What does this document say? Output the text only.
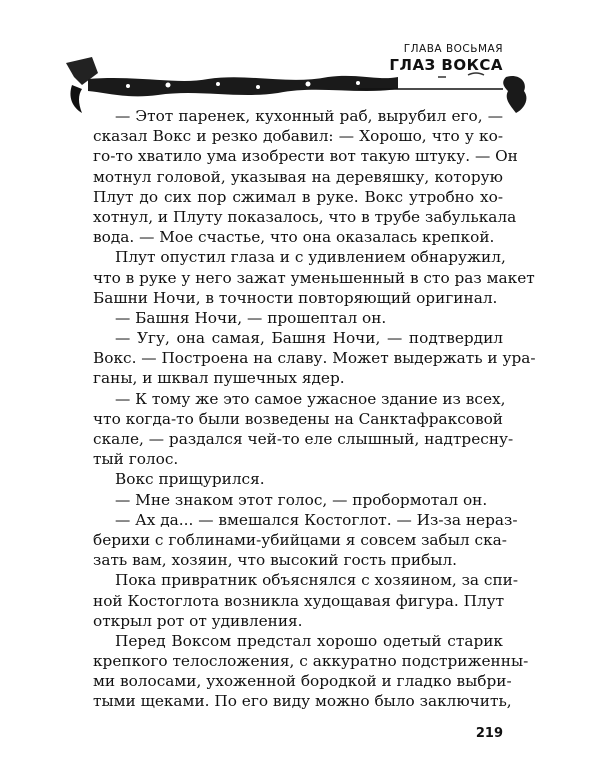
ГЛАВА ВОСЬМАЯ
ГЛАЗ ВОКСА
— Этот паренек, кухонный раб, вырубил его, —
сказал Вокс и резко добавил: — Хорошо, что у ко-
го-то хватило ума изобрести вот такую штуку. — Он
мотнул головой, указывая на деревяшку, которую
Плут до сих пор сжимал в руке. Вокс утробно хо-
хотнул, и Плуту показалось, что в трубе забулькала
вода. — Мое счастье, что она оказалась крепкой.
Плут опустил глаза и с удивлением обнаружил,
что в руке у него зажат уменьшенный в сто раз макет
Башни Ночи, в точности повторяющий оригинал.
— Башня Ночи, — прошептал он.
— Угу, она самая, Башня Ночи, — подтвердил
Вокс. — Построена на славу. Может выдержать и ура-
ганы, и шквал пушечных ядер.
— К тому же это самое ужасное здание из всех,
что когда-то были возведены на Санктафраксовой
скале, — раздался чей-то еле слышный, надтресну-
тый голос.
Вокс прищурился.
— Мне знаком этот голос, — пробормотал он.
— Ах да... — вмешался Костоглот. — Из-за нераз-
берихи с гоблинами-убийцами я совсем забыл ска-
зать вам, хозяин, что высокий гость прибыл.
Пока привратник объяснялся с хозяином, за спи-
ной Костоглота возникла худощавая фигура. Плут
открыл рот от удивления.
Перед Воксом предстал хорошо одетый старик
крепкого телосложения, с аккуратно подстриженны-
ми волосами, ухоженной бородкой и гладко выбри-
тыми щеками. По его виду можно было заключить,
219
